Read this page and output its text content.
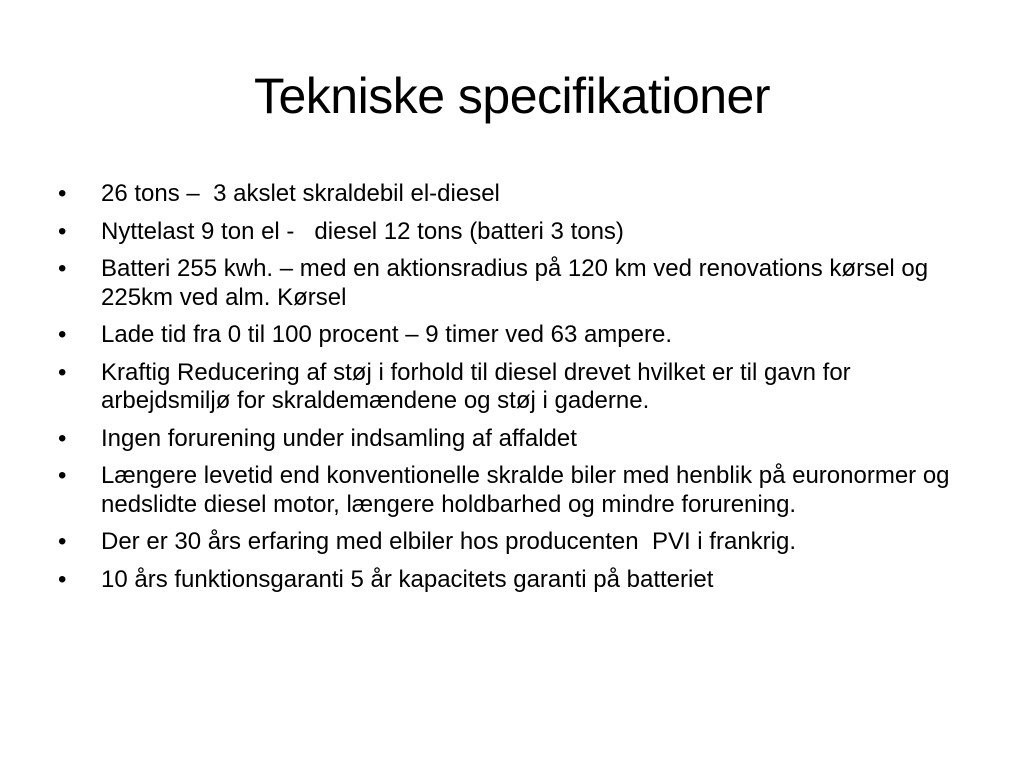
Tekniske specifikationer
•	26 tons –  3 akslet skraldebil el-diesel
•	Nyttelast 9 ton el -   diesel 12 tons (batteri 3 tons)
•	Batteri 255 kwh. – med en aktionsradius på 120 km ved renovations kørsel og 225km ved alm. Kørsel
•	Lade tid fra 0 til 100 procent – 9 timer ved 63 ampere.
•	Kraftig Reducering af støj i forhold til diesel drevet hvilket er til gavn for arbejdsmiljø for skraldemændene og støj i gaderne.
•	Ingen forurening under indsamling af affaldet
•	Længere levetid end konventionelle skralde biler med henblik på euronormer og nedslidte diesel motor, længere holdbarhed og mindre forurening.
•	Der er 30 års erfaring med elbiler hos producenten  PVI i frankrig.
•	10 års funktionsgaranti 5 år kapacitets garanti på batteriet
